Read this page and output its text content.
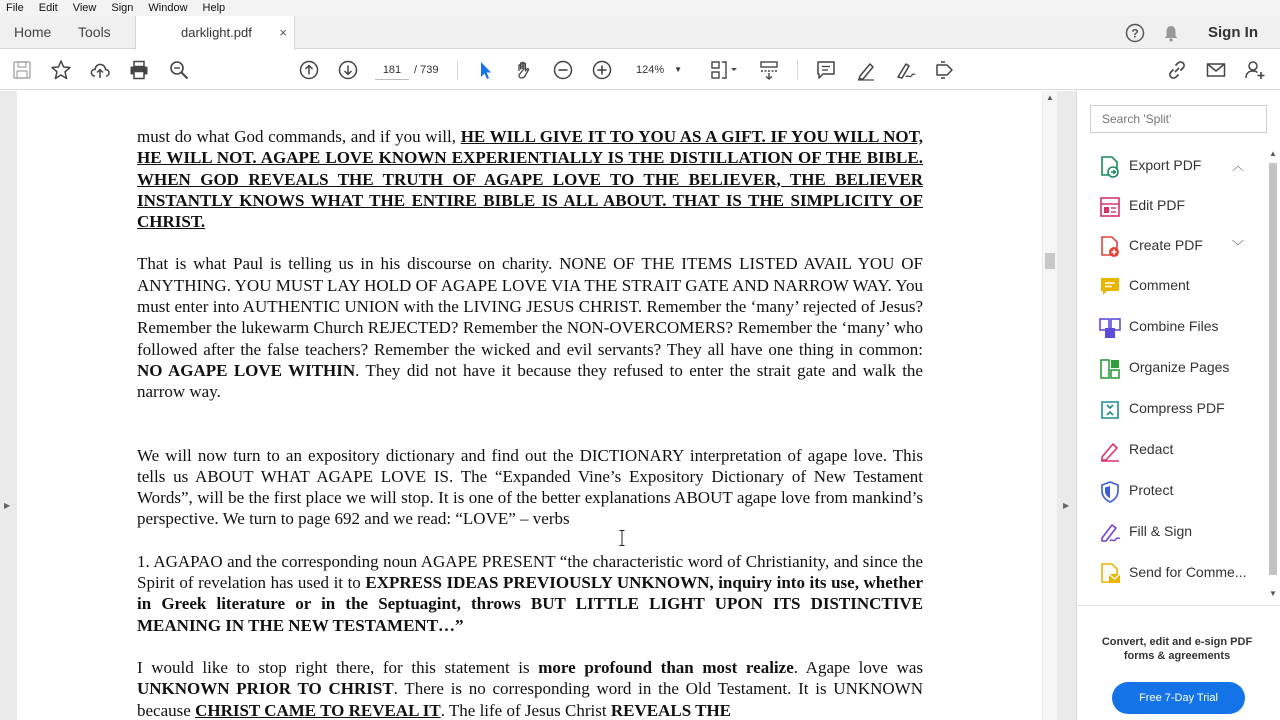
File Edit View Sign Window Help
Home Tools	darklight.pdf ×	?	Sign In
181	/ 739	124% ▼
▶
▲
▶

must do what God commands, and if you will, HE WILL GIVE IT TO YOU AS A GIFT. IF YOU WILL NOT, HE WILL NOT. AGAPE LOVE KNOWN EXPERIENTIALLY IS THE DISTILLATION OF THE BIBLE. WHEN GOD REVEALS THE TRUTH OF AGAPE LOVE TO THE BELIEVER, THE BELIEVER INSTANTLY KNOWS WHAT THE ENTIRE BIBLE IS ALL ABOUT. THAT IS THE SIMPLICITY OF CHRIST.

That is what Paul is telling us in his discourse on charity. NONE OF THE ITEMS LISTED AVAIL YOU OF ANYTHING. YOU MUST LAY HOLD OF AGAPE LOVE VIA THE STRAIT GATE AND NARROW WAY. You must enter into AUTHENTIC UNION with the LIVING JESUS CHRIST. Remember the ‘many’ rejected of Jesus? Remember the lukewarm Church REJECTED? Remember the NON-OVERCOMERS? Remember the ‘many’ who followed after the false teachers? Remember the wicked and evil servants? They all have one thing in common: NO AGAPE LOVE WITHIN. They did not have it because they refused to enter the strait gate and walk the narrow way.

We will now turn to an expository dictionary and find out the DICTIONARY interpretation of agape love. This tells us ABOUT WHAT AGAPE LOVE IS. The “Expanded Vine’s Expository Dictionary of New Testament Words”, will be the first place we will stop. It is one of the better explanations ABOUT agape love from mankind’s perspective. We turn to page 692 and we read: “LOVE” – verbs

1. AGAPAO and the corresponding noun AGAPE PRESENT “the characteristic word of Christianity, and since the Spirit of revelation has used it to EXPRESS IDEAS PREVIOUSLY UNKNOWN, inquiry into its use, whether in Greek literature or in the Septuagint, throws BUT LITTLE LIGHT UPON ITS DISTINCTIVE MEANING IN THE NEW TESTAMENT…”

I would like to stop right there, for this statement is more profound than most realize. Agape love was UNKNOWN PRIOR TO CHRIST. There is no corresponding word in the Old Testament. It is UNKNOWN because CHRIST CAME TO REVEAL IT. The life of Jesus Christ REVEALS THE

Search 'Split'
Export PDF	︿
Edit PDF
Create PDF ﹀
Comment
Combine Files
Organize Pages
Compress PDF
Redact
Protect
Fill & Sign
Send for Comme...
▲
▼
Convert, edit and e-sign PDF forms & agreements
Free 7-Day Trial
